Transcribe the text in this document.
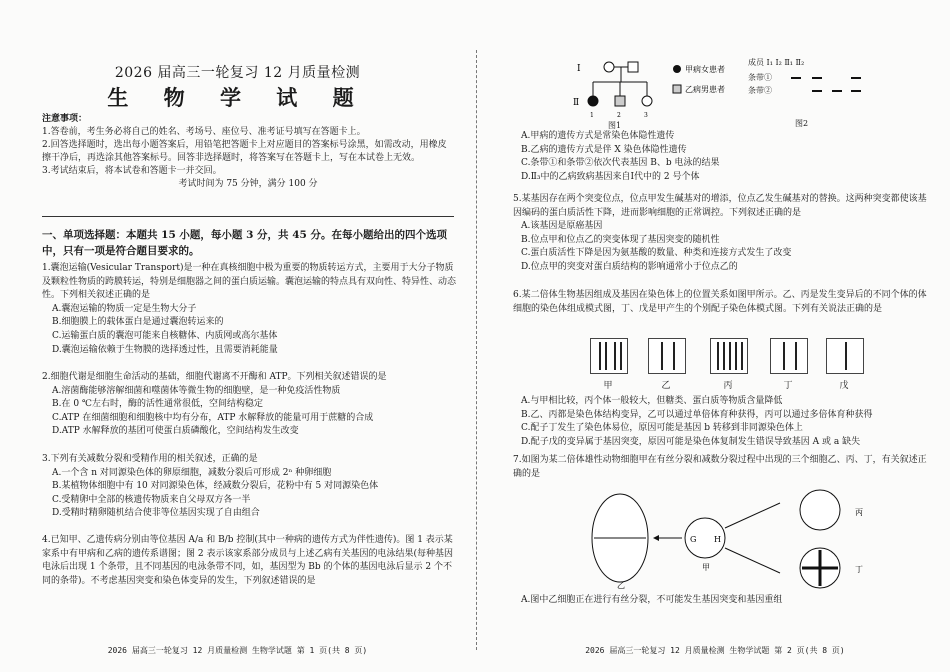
2026 届高三一轮复习 12 月质量检测
生 物 学 试 题
注意事项：
1.答卷前，考生务必将自己的姓名、考场号、座位号、准考证号填写在答题卡上。
2.回答选择题时，选出每小题答案后，用铅笔把答题卡上对应题目的答案标号涂黑，如需改动，用橡皮擦干净后，再选涂其他答案标号。回答非选择题时，将答案写在答题卡上，写在本试卷上无效。
3.考试结束后，将本试卷和答题卡一并交回。
考试时间为 75 分钟，满分 100 分
一、单项选择题：本题共 15 小题，每小题 3 分，共 45 分。在每小题给出的四个选项中，只有一项是符合题目要求的。

1.囊泡运输(Vesicular Transport)是一种在真核细胞中极为重要的物质转运方式，主要用于大分子物质及颗粒性物质的跨膜转运，特别是细胞器之间的蛋白质运输。囊泡运输的特点具有双向性、特异性、动态性。下列相关叙述正确的是

A.囊泡运输的物质一定是生物大分子

B.细胞膜上的载体蛋白是通过囊泡转运来的

C.运输蛋白质的囊泡可能来自核糖体、内质网或高尔基体

D.囊泡运输依赖于生物膜的选择透过性，且需要消耗能量

2.细胞代谢是细胞生命活动的基础，细胞代谢离不开酶和 ATP。下列相关叙述错误的是

A.溶菌酶能够溶解细菌和噬菌体等微生物的细胞壁，是一种免疫活性物质

B.在 0 ℃左右时，酶的活性通常很低，空间结构稳定

C.ATP 在细菌细胞和细胞核中均有分布，ATP 水解释放的能量可用于蔗糖的合成

D.ATP 水解释放的基团可使蛋白质磷酸化，空间结构发生改变

3.下列有关减数分裂和受精作用的相关叙述，正确的是

A.一个含 n 对同源染色体的卵原细胞，减数分裂后可形成 2ⁿ 种卵细胞

B.某植物体细胞中有 10 对同源染色体，经减数分裂后，花粉中有 5 对同源染色体

C.受精卵中全部的核遗传物质来自父母双方各一半

D.受精时精卵随机结合使非等位基因实现了自由组合

4.已知甲、乙遗传病分别由等位基因 A/a 和 B/b 控制(其中一种病的遗传方式为伴性遗传)。图 1 表示某家系中有甲病和乙病的遗传系谱图；图 2 表示该家系部分成员与上述乙病有关基因的电泳结果(每种基因电泳后出现 1 个条带，且不同基因的电泳条带不同，如，基因型为 Bb 的个体的基因电泳后显示 2 个不同的条带)。不考虑基因突变和染色体变异的发生，下列叙述错误的是

2026 届高三一轮复习 12 月质量检测 生物学试题 第 1 页(共 8 页)
Ⅰ
Ⅱ
1	2	3
甲病女患者
乙病男患者
图1
成员 Ⅰ₁ Ⅰ₂ Ⅱ₁ Ⅱ₂
条带①
条带②
图2

A.甲病的遗传方式是常染色体隐性遗传

B.乙病的遗传方式是伴 X 染色体隐性遗传

C.条带①和条带②依次代表基因 B、b 电泳的结果

D.Ⅱ₃中的乙病致病基因来自Ⅰ代中的 2 号个体

5.某基因存在两个突变位点，位点甲发生碱基对的增添，位点乙发生碱基对的替换。这两种突变都使该基因编码的蛋白质活性下降，进而影响细胞的正常调控。下列叙述正确的是

A.该基因是原癌基因

B.位点甲和位点乙的突变体现了基因突变的随机性

C.蛋白质活性下降是因为氨基酸的数量、种类和连接方式发生了改变

D.位点甲的突变对蛋白质结构的影响通常小于位点乙的

6.某二倍体生物基因组成及基因在染色体上的位置关系如图甲所示。乙、丙是发生变异后的不同个体的体细胞的染色体组成模式图，丁、戊是甲产生的个别配子染色体模式图。下列有关说法正确的是

甲	乙	丙	丁	戊

A.与甲相比较，丙个体一般较大，但糖类、蛋白质等物质含量降低

B.乙、丙都是染色体结构变异，乙可以通过单倍体育种获得，丙可以通过多倍体育种获得

C.配子丁发生了染色体易位，原因可能是基因 b 转移到非同源染色体上

D.配子戊的变异属于基因突变，原因可能是染色体复制发生错误导致基因 A 或 a 缺失

7.如图为某二倍体雄性动物细胞甲在有丝分裂和减数分裂过程中出现的三个细胞乙、丙、丁，有关叙述正确的是

乙
G H
甲
丙
丁

A.图中乙细胞正在进行有丝分裂，不可能发生基因突变和基因重组

2026 届高三一轮复习 12 月质量检测 生物学试题 第 2 页(共 8 页)
